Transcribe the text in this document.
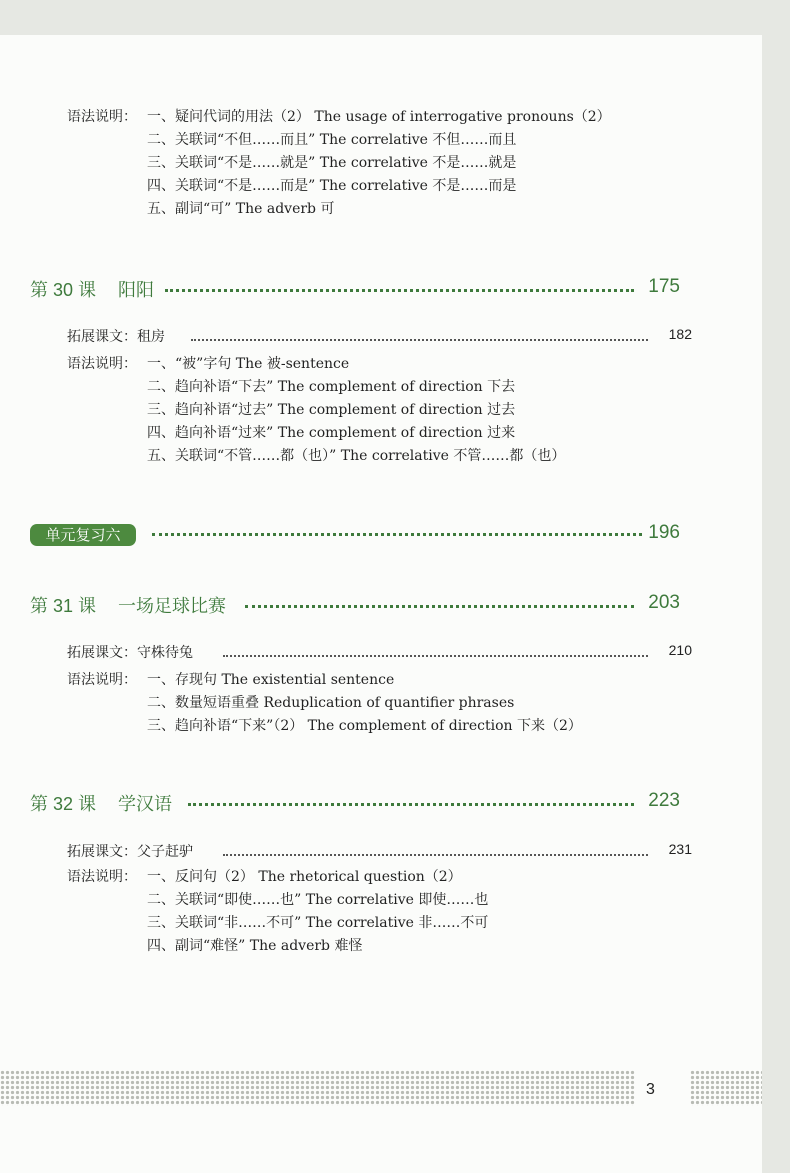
语法说明： 一、疑问代词的用法（2） The usage of interrogative pronouns（2）
二、关联词“不但……而且” The correlative 不但……而且
三、关联词“不是……就是” The correlative 不是……就是
四、关联词“不是……而是” The correlative 不是……而是
五、副词“可” The adverb 可
第 30 课 阳阳	175
拓展课文：租房	182
语法说明： 一、“被”字句 The 被-sentence
二、趋向补语“下去” The complement of direction 下去
三、趋向补语“过去” The complement of direction 过去
四、趋向补语“过来” The complement of direction 过来
五、关联词“不管……都（也）” The correlative 不管……都（也）
单元复习六	196
第 31 课 一场足球比赛	203
拓展课文：守株待兔	210
语法说明： 一、存现句 The existential sentence
二、数量短语重叠 Reduplication of quantifier phrases
三、趋向补语“下来”（2） The complement of direction 下来（2）
第 32 课 学汉语	223
拓展课文：父子赶驴	231
语法说明： 一、反问句（2） The rhetorical question（2）
二、关联词“即使……也” The correlative 即使……也
三、关联词“非……不可” The correlative 非……不可
四、副词“难怪” The adverb 难怪
3
